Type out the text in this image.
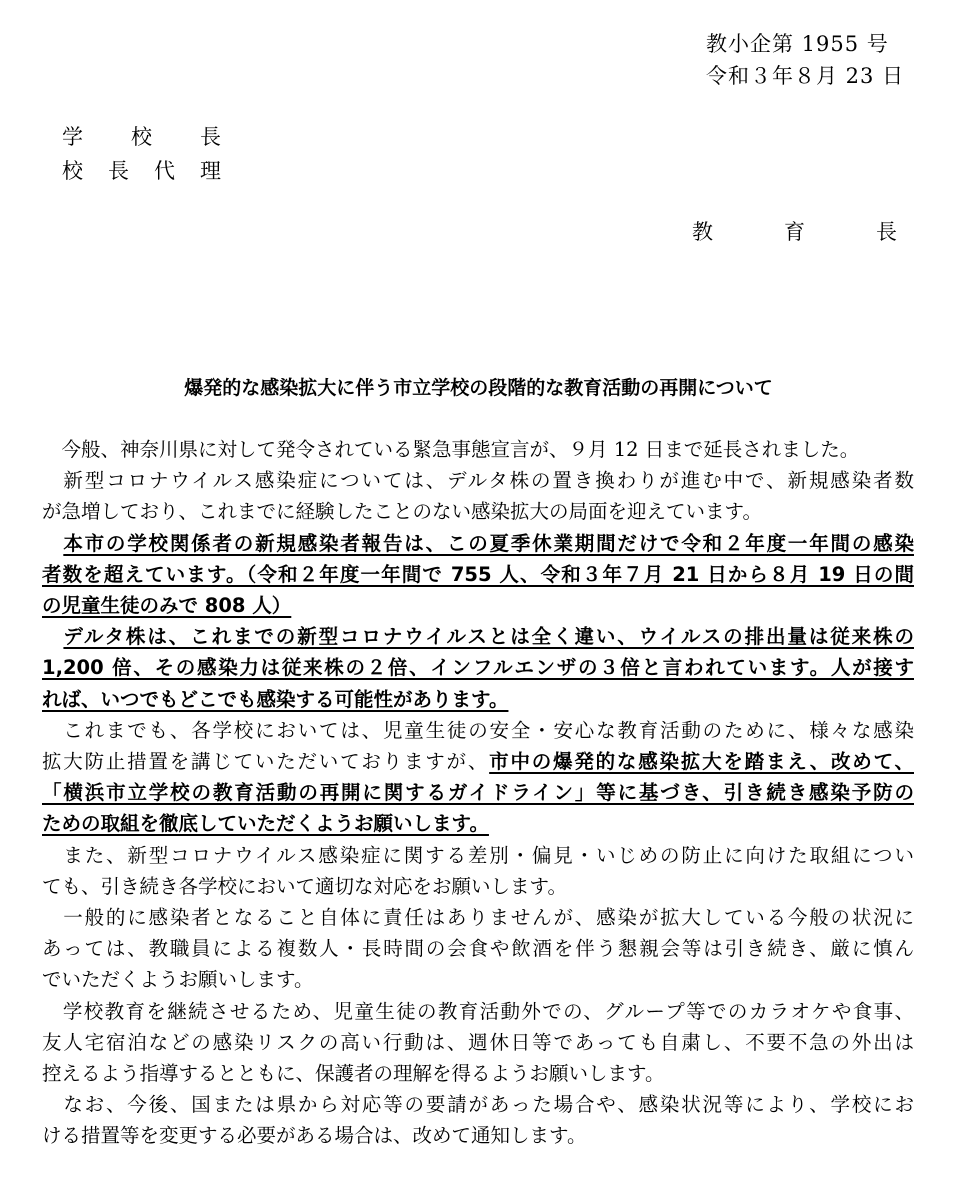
教小企第 1955 号
令和３年８月 23 日
学　　校　　長
校　長　代　理
教　　　育　　　長
爆発的な感染拡大に伴う市立学校の段階的な教育活動の再開について
　今般、神奈川県に対して発令されている緊急事態宣言が、９月 12 日まで延長されました。
　新型コロナウイルス感染症については、デルタ株の置き換わりが進む中で、新規感染者数
が急増しており、これまでに経験したことのない感染拡大の局面を迎えています。
　本市の学校関係者の新規感染者報告は、この夏季休業期間だけで令和２年度一年間の感染
者数を超えています。（令和２年度一年間で 755 人、令和３年７月 21 日から８月 19 日の間
の児童生徒のみで 808 人）
　デルタ株は、これまでの新型コロナウイルスとは全く違い、ウイルスの排出量は従来株の
1,200 倍、その感染力は従来株の２倍、インフルエンザの３倍と言われています。人が接す
れば、いつでもどこでも感染する可能性があります。
　これまでも、各学校においては、児童生徒の安全・安心な教育活動のために、様々な感染
拡大防止措置を講じていただいておりますが、市中の爆発的な感染拡大を踏まえ、改めて、
「横浜市立学校の教育活動の再開に関するガイドライン」等に基づき、引き続き感染予防の
ための取組を徹底していただくようお願いします。
　また、新型コロナウイルス感染症に関する差別・偏見・いじめの防止に向けた取組につい
ても、引き続き各学校において適切な対応をお願いします。
　一般的に感染者となること自体に責任はありませんが、感染が拡大している今般の状況に
あっては、教職員による複数人・長時間の会食や飲酒を伴う懇親会等は引き続き、厳に慎ん
でいただくようお願いします。
　学校教育を継続させるため、児童生徒の教育活動外での、グループ等でのカラオケや食事、
友人宅宿泊などの感染リスクの高い行動は、週休日等であっても自粛し、不要不急の外出は
控えるよう指導するとともに、保護者の理解を得るようお願いします。
　なお、今後、国または県から対応等の要請があった場合や、感染状況等により、学校にお
ける措置等を変更する必要がある場合は、改めて通知します。
